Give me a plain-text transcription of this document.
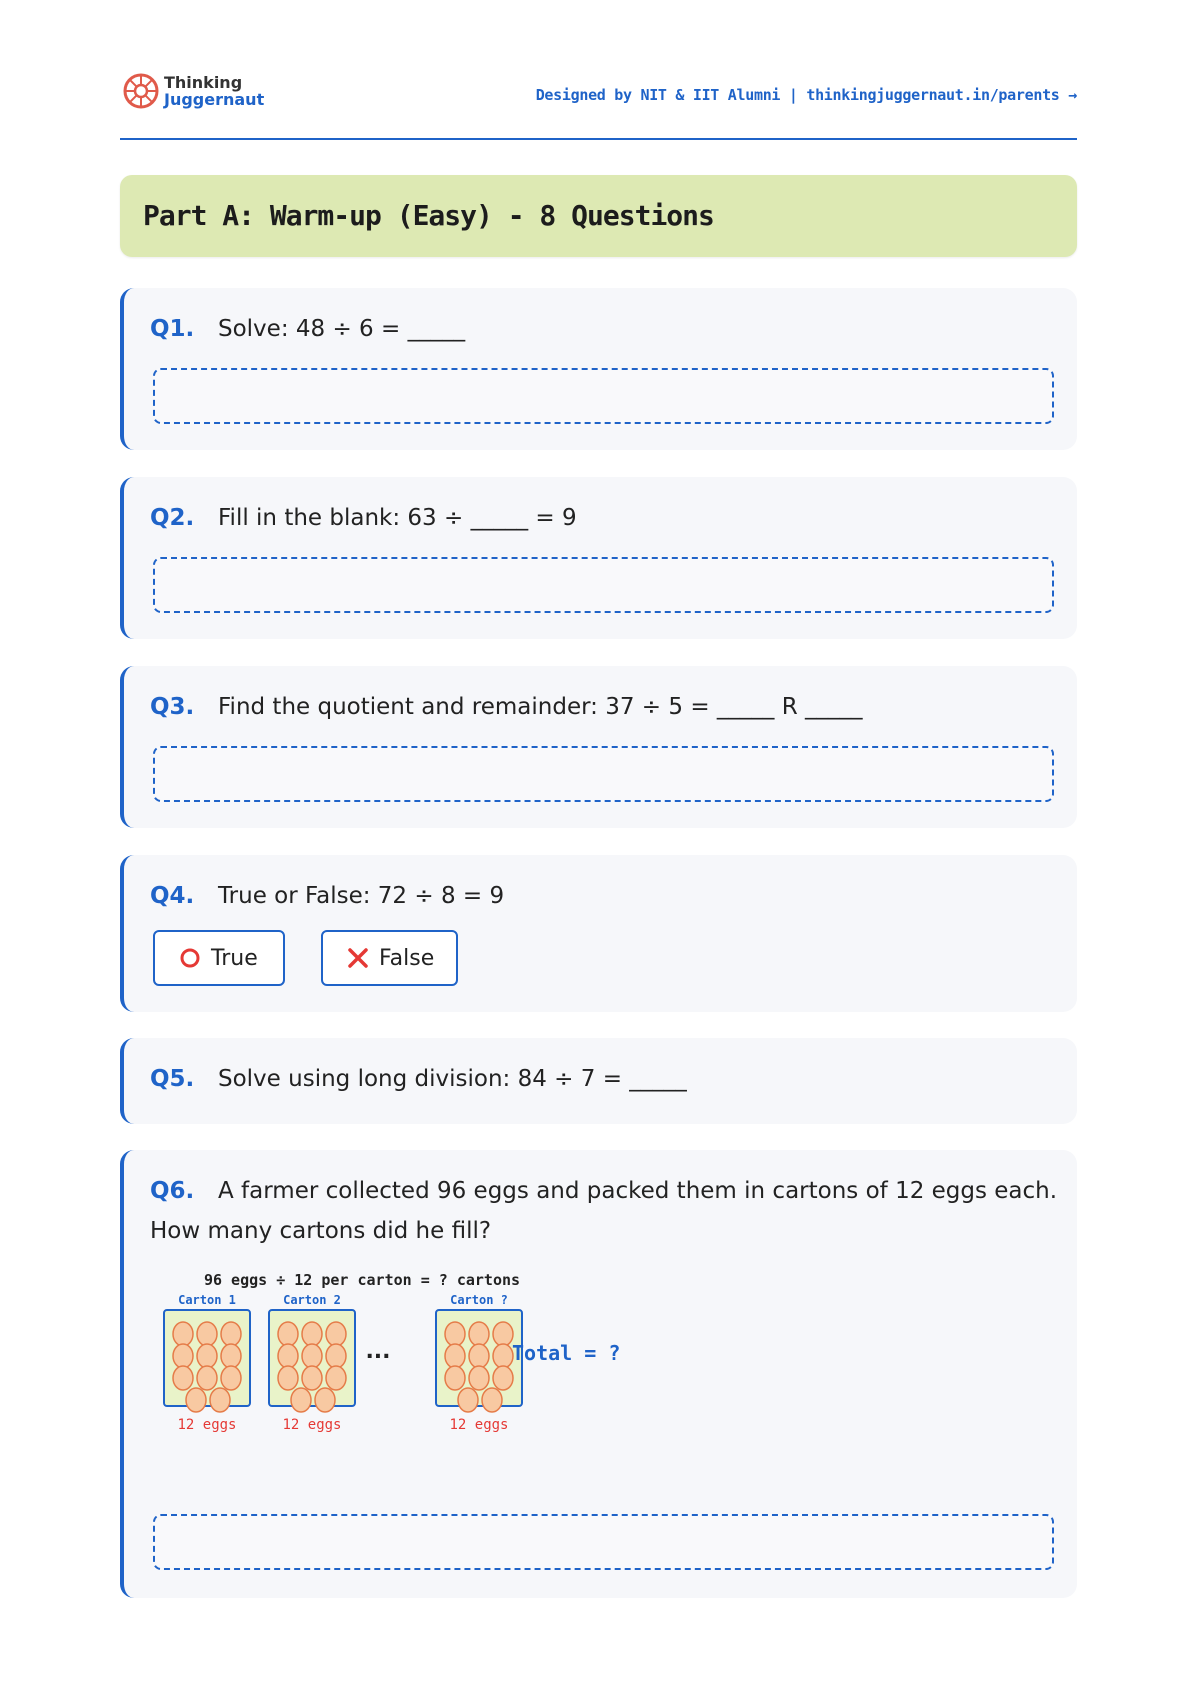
Thinking
Juggernaut	Designed by NIT & IIT Alumni | thinkingjuggernaut.in/parents →
Part A: Warm-up (Easy) - 8 Questions
Q1.	Solve: 48 ÷ 6 = _____
Q2.	Fill in the blank: 63 ÷ _____ = 9
Q3.	Find the quotient and remainder: 37 ÷ 5 = _____ R _____
Q4.	True or False: 72 ÷ 8 = 9
True	False
Q5.	Solve using long division: 84 ÷ 7 = _____
Q6.	A farmer collected 96 eggs and packed them in cartons of 12 eggs each.
How many cartons did he fill?
96 eggs ÷ 12 per carton = ? cartons
Carton 1
12 eggs
Carton 2
12 eggs
Carton ?
12 eggs
...	Total = ?
